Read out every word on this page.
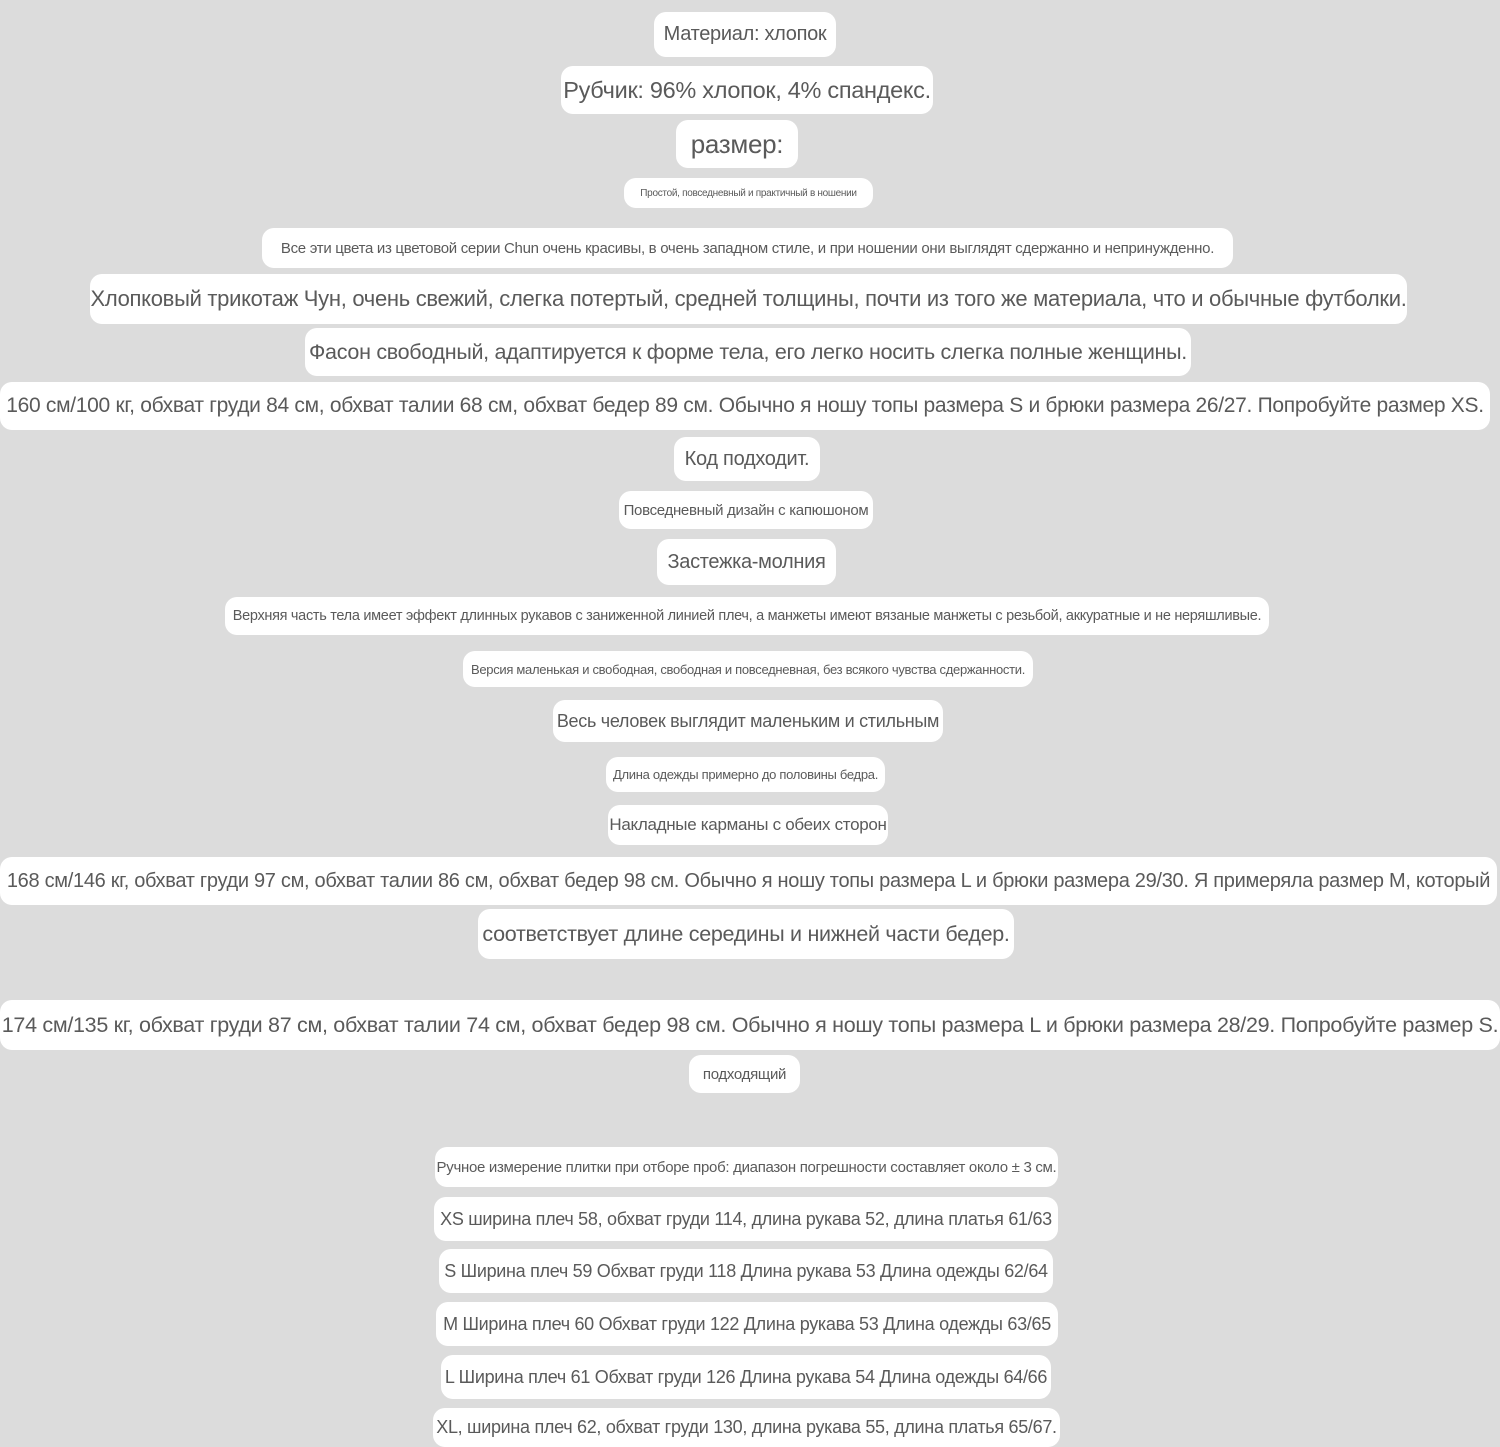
Материал: хлопок
Рубчик: 96% хлопок, 4% спандекс.
размер:
Простой, повседневный и практичный в ношении
Все эти цвета из цветовой серии Chun очень красивы, в очень западном стиле, и при ношении они выглядят сдержанно и непринужденно.
Хлопковый трикотаж Чун, очень свежий, слегка потертый, средней толщины, почти из того же материала, что и обычные футболки.
Фасон свободный, адаптируется к форме тела, его легко носить слегка полные женщины.
160 см/100 кг, обхват груди 84 см, обхват талии 68 см, обхват бедер 89 см. Обычно я ношу топы размера S и брюки размера 26/27. Попробуйте размер XS.
Код подходит.
Повседневный дизайн с капюшоном
Застежка-молния
Верхняя часть тела имеет эффект длинных рукавов с заниженной линией плеч, а манжеты имеют вязаные манжеты с резьбой, аккуратные и не неряшливые.
Версия маленькая и свободная, свободная и повседневная, без всякого чувства сдержанности.
Весь человек выглядит маленьким и стильным
Длина одежды примерно до половины бедра.
Накладные карманы с обеих сторон
168 см/146 кг, обхват груди 97 см, обхват талии 86 см, обхват бедер 98 см. Обычно я ношу топы размера L и брюки размера 29/30. Я примеряла размер M, который
соответствует длине середины и нижней части бедер.
174 см/135 кг, обхват груди 87 см, обхват талии 74 см, обхват бедер 98 см. Обычно я ношу топы размера L и брюки размера 28/29. Попробуйте размер S.
подходящий
Ручное измерение плитки при отборе проб: диапазон погрешности составляет около ± 3 см.
XS ширина плеч 58, обхват груди 114, длина рукава 52, длина платья 61/63
S Ширина плеч 59 Обхват груди 118 Длина рукава 53 Длина одежды 62/64
M Ширина плеч 60 Обхват груди 122 Длина рукава 53 Длина одежды 63/65
L Ширина плеч 61 Обхват груди 126 Длина рукава 54 Длина одежды 64/66
XL, ширина плеч 62, обхват груди 130, длина рукава 55, длина платья 65/67.
